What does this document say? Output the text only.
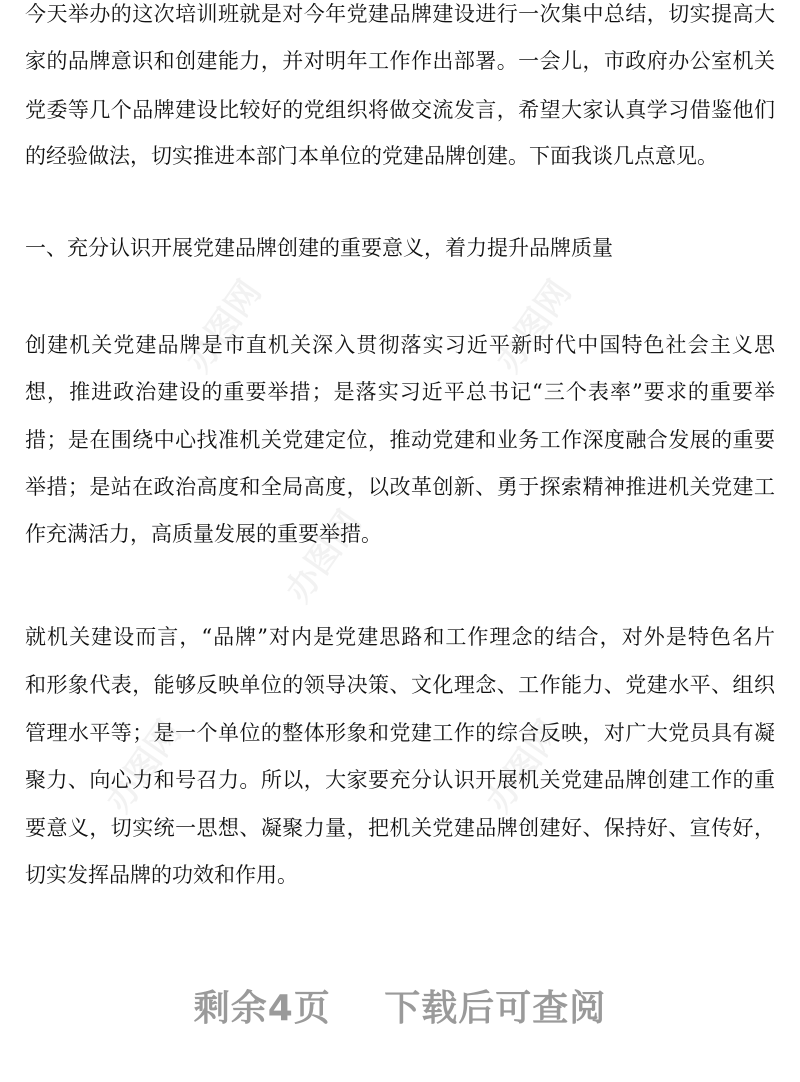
办图网	办图网
办图网
办图网	办图网
今天举办的这次培训班就是对今年党建品牌建设进行一次集中总结，切实提高大
家的品牌意识和创建能力，并对明年工作作出部署。一会儿，市政府办公室机关
党委等几个品牌建设比较好的党组织将做交流发言，希望大家认真学习借鉴他们
的经验做法，切实推进本部门本单位的党建品牌创建。下面我谈几点意见。
一、充分认识开展党建品牌创建的重要意义，着力提升品牌质量
创建机关党建品牌是市直机关深入贯彻落实习近平新时代中国特色社会主义思
想，推进政治建设的重要举措；是落实习近平总书记“三个表率”要求的重要举
措；是在围绕中心找准机关党建定位，推动党建和业务工作深度融合发展的重要
举措；是站在政治高度和全局高度，以改革创新、勇于探索精神推进机关党建工
作充满活力，高质量发展的重要举措。
就机关建设而言，“品牌”对内是党建思路和工作理念的结合，对外是特色名片
和形象代表，能够反映单位的领导决策、文化理念、工作能力、党建水平、组织
管理水平等；是一个单位的整体形象和党建工作的综合反映，对广大党员具有凝
聚力、向心力和号召力。所以，大家要充分认识开展机关党建品牌创建工作的重
要意义，切实统一思想、凝聚力量，把机关党建品牌创建好、保持好、宣传好，
切实发挥品牌的功效和作用。
剩余4页 下载后可查阅
